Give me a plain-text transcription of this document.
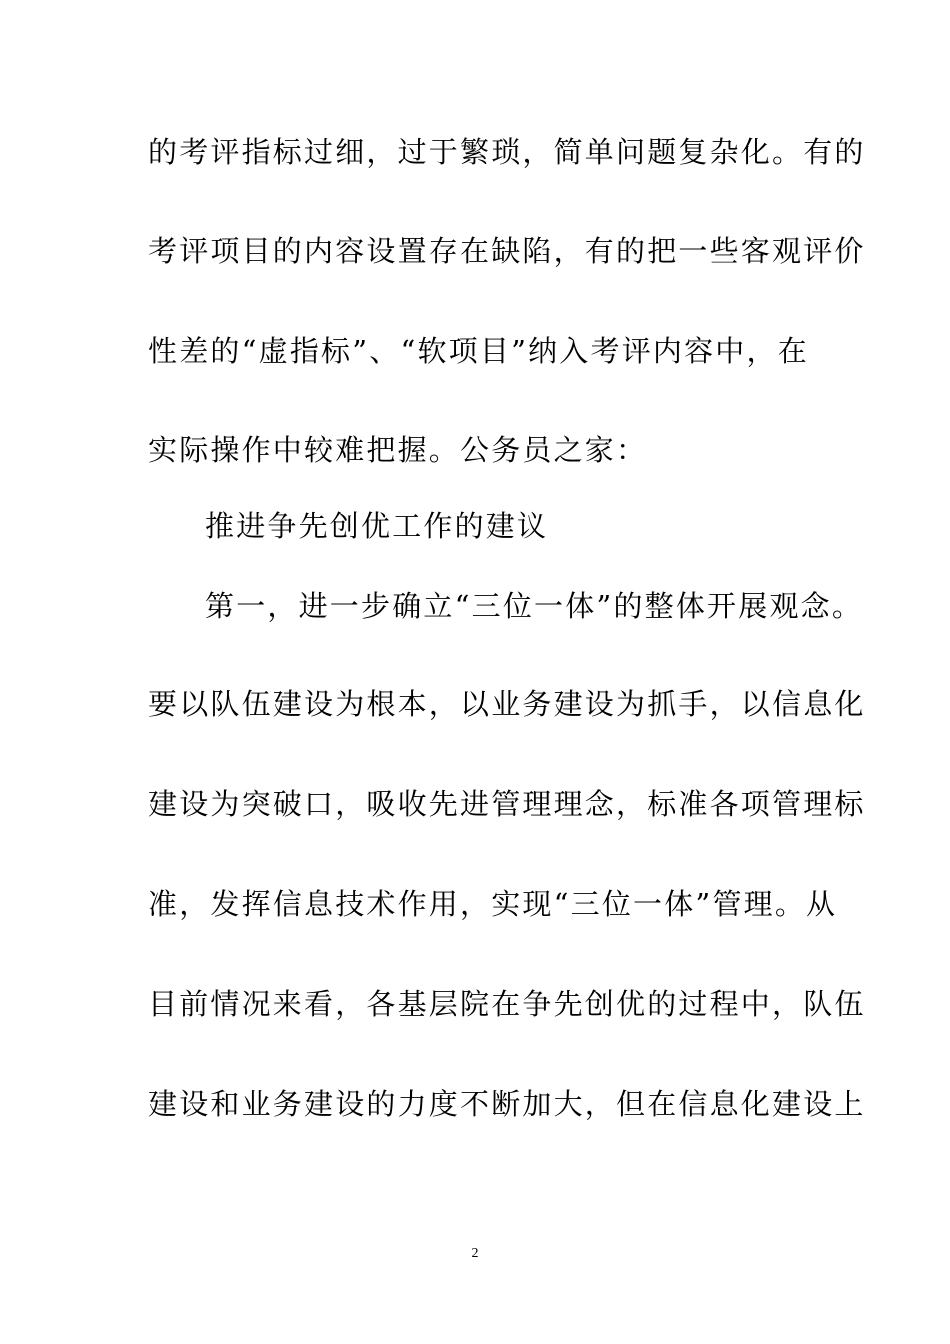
的考评指标过细，过于繁琐，简单问题复杂化。有的
考评项目的内容设置存在缺陷，有的把一些客观评价
性差的“虚指标”、“软项目”纳入考评内容中，在
实际操作中较难把握。公务员之家：
推进争先创优工作的建议
第一，进一步确立“三位一体”的整体开展观念。
要以队伍建设为根本，以业务建设为抓手，以信息化
建设为突破口，吸收先进管理理念，标准各项管理标
准，发挥信息技术作用，实现“三位一体”管理。从
目前情况来看，各基层院在争先创优的过程中，队伍
建设和业务建设的力度不断加大，但在信息化建设上
2
